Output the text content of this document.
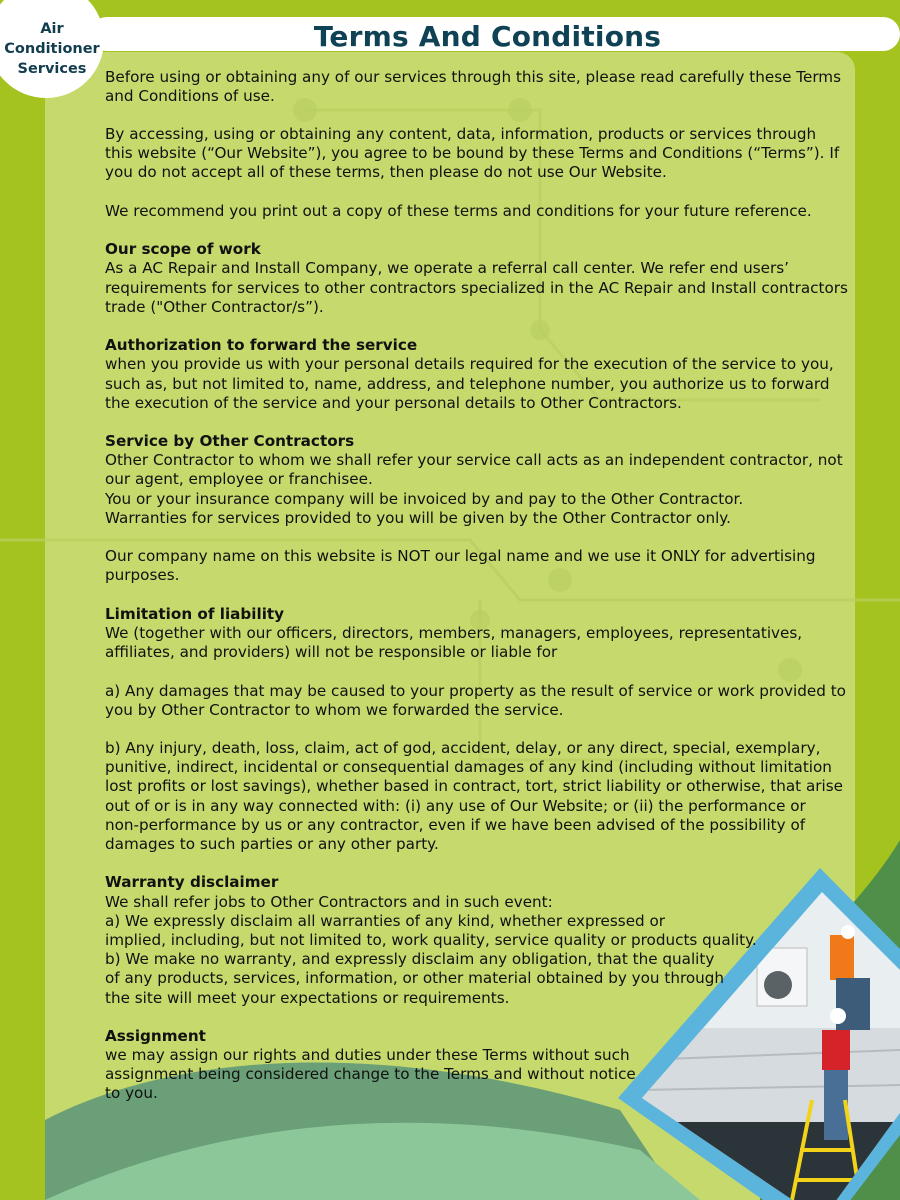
Air
Conditioner
Services
Terms And Conditions
Before using or obtaining any of our services through this site, please read carefully these Terms
and Conditions of use.
By accessing, using or obtaining any content, data, information, products or services through
this website (“Our Website”), you agree to be bound by these Terms and Conditions (“Terms”). If
you do not accept all of these terms, then please do not use Our Website.
We recommend you print out a copy of these terms and conditions for your future reference.
Our scope of work
As a AC Repair and Install Company, we operate a referral call center. We refer end users’
requirements for services to other contractors specialized in the AC Repair and Install contractors
trade ("Other Contractor/s”).
Authorization to forward the service
when you provide us with your personal details required for the execution of the service to you,
such as, but not limited to, name, address, and telephone number, you authorize us to forward
the execution of the service and your personal details to Other Contractors.
Service by Other Contractors
Other Contractor to whom we shall refer your service call acts as an independent contractor, not
our agent, employee or franchisee.
You or your insurance company will be invoiced by and pay to the Other Contractor.
Warranties for services provided to you will be given by the Other Contractor only.
Our company name on this website is NOT our legal name and we use it ONLY for advertising
purposes.
Limitation of liability
We (together with our officers, directors, members, managers, employees, representatives,
affiliates, and providers) will not be responsible or liable for
a) Any damages that may be caused to your property as the result of service or work provided to
you by Other Contractor to whom we forwarded the service.
b) Any injury, death, loss, claim, act of god, accident, delay, or any direct, special, exemplary,
punitive, indirect, incidental or consequential damages of any kind (including without limitation
lost profits or lost savings), whether based in contract, tort, strict liability or otherwise, that arise
out of or is in any way connected with: (i) any use of Our Website; or (ii) the performance or
non-performance by us or any contractor, even if we have been advised of the possibility of
damages to such parties or any other party.
Warranty disclaimer
We shall refer jobs to Other Contractors and in such event:
a) We expressly disclaim all warranties of any kind, whether expressed or
implied, including, but not limited to, work quality, service quality or products quality.
b) We make no warranty, and expressly disclaim any obligation, that the quality
of any products, services, information, or other material obtained by you through
the site will meet your expectations or requirements.
Assignment
we may assign our rights and duties under these Terms without such
assignment being considered change to the Terms and without notice
to you.
